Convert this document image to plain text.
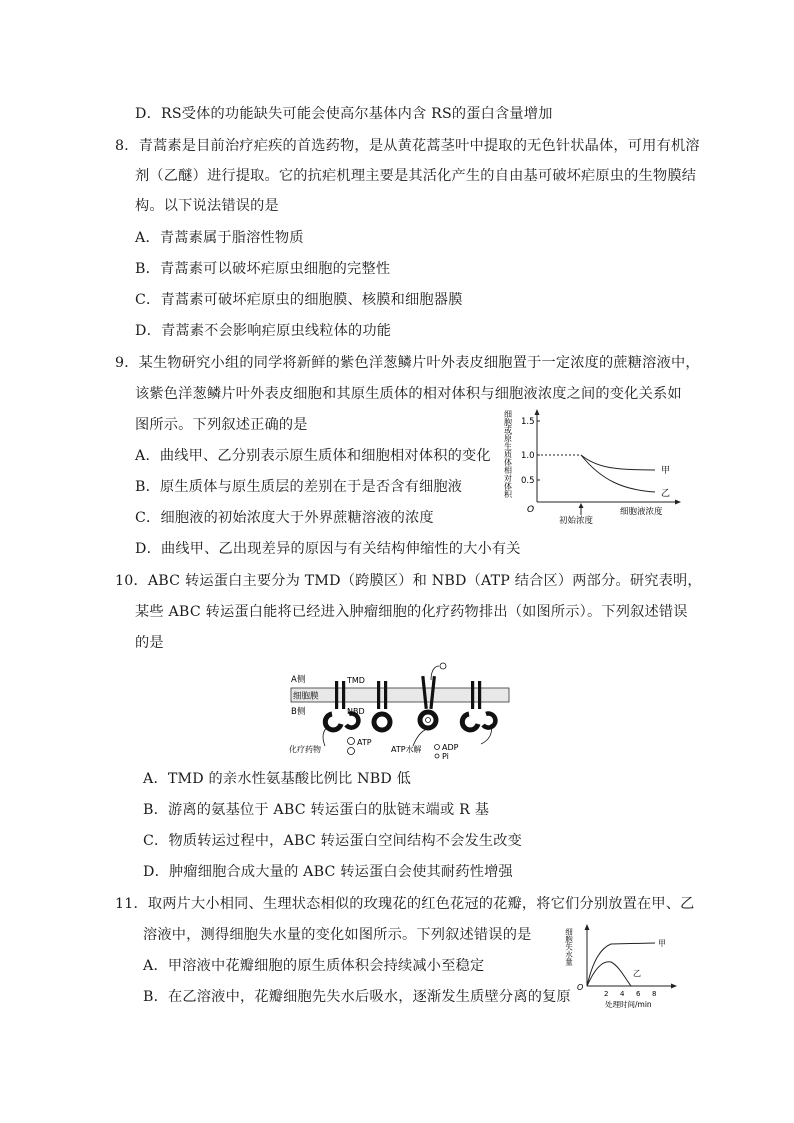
D．RS受体的功能缺失可能会使高尔基体内含 RS的蛋白含量增加
8．青蒿素是目前治疗疟疾的首选药物，是从黄花蒿茎叶中提取的无色针状晶体，可用有机溶
剂（乙醚）进行提取。它的抗疟机理主要是其活化产生的自由基可破坏疟原虫的生物膜结
构。以下说法错误的是
A．青蒿素属于脂溶性物质
B．青蒿素可以破坏疟原虫细胞的完整性
C．青蒿素可破坏疟原虫的细胞膜、核膜和细胞器膜
D．青蒿素不会影响疟原虫线粒体的功能
9．某生物研究小组的同学将新鲜的紫色洋葱鳞片叶外表皮细胞置于一定浓度的蔗糖溶液中，
该紫色洋葱鳞片叶外表皮细胞和其原生质体的相对体积与细胞液浓度之间的变化关系如
图所示。下列叙述正确的是
A．曲线甲、乙分别表示原生质体和细胞相对体积的变化
B．原生质体与原生质层的差别在于是否含有细胞液
C．细胞液的初始浓度大于外界蔗糖溶液的浓度
D．曲线甲、乙出现差异的原因与有关结构伸缩性的大小有关
细胞或原生质体相对体积 1.5
1.0
0.5
O
甲
乙
初始浓度
细胞液浓度
10．ABC 转运蛋白主要分为 TMD（跨膜区）和 NBD（ATP 结合区）两部分。研究表明，
某些 ABC 转运蛋白能将已经进入肿瘤细胞的化疗药物排出（如图所示）。下列叙述错误
的是
A侧
B侧
细胞膜
TMD
NBD
化疗药物
ATP
ATP水解	ADP
Pi
A．TMD 的亲水性氨基酸比例比 NBD 低
B．游离的氨基位于 ABC 转运蛋白的肽链末端或 R 基
C．物质转运过程中，ABC 转运蛋白空间结构不会发生改变
D．肿瘤细胞合成大量的 ABC 转运蛋白会使其耐药性增强
11．取两片大小相同、生理状态相似的玫瑰花的红色花冠的花瓣，将它们分别放置在甲、乙
溶液中，测得细胞失水量的变化如图所示。下列叙述错误的是
A．甲溶液中花瓣细胞的原生质体积会持续减小至稳定
B．在乙溶液中，花瓣细胞先失水后吸水，逐渐发生质壁分离的复原
细胞失水量
O
2 4 6 8
处理时间/min
甲
乙
